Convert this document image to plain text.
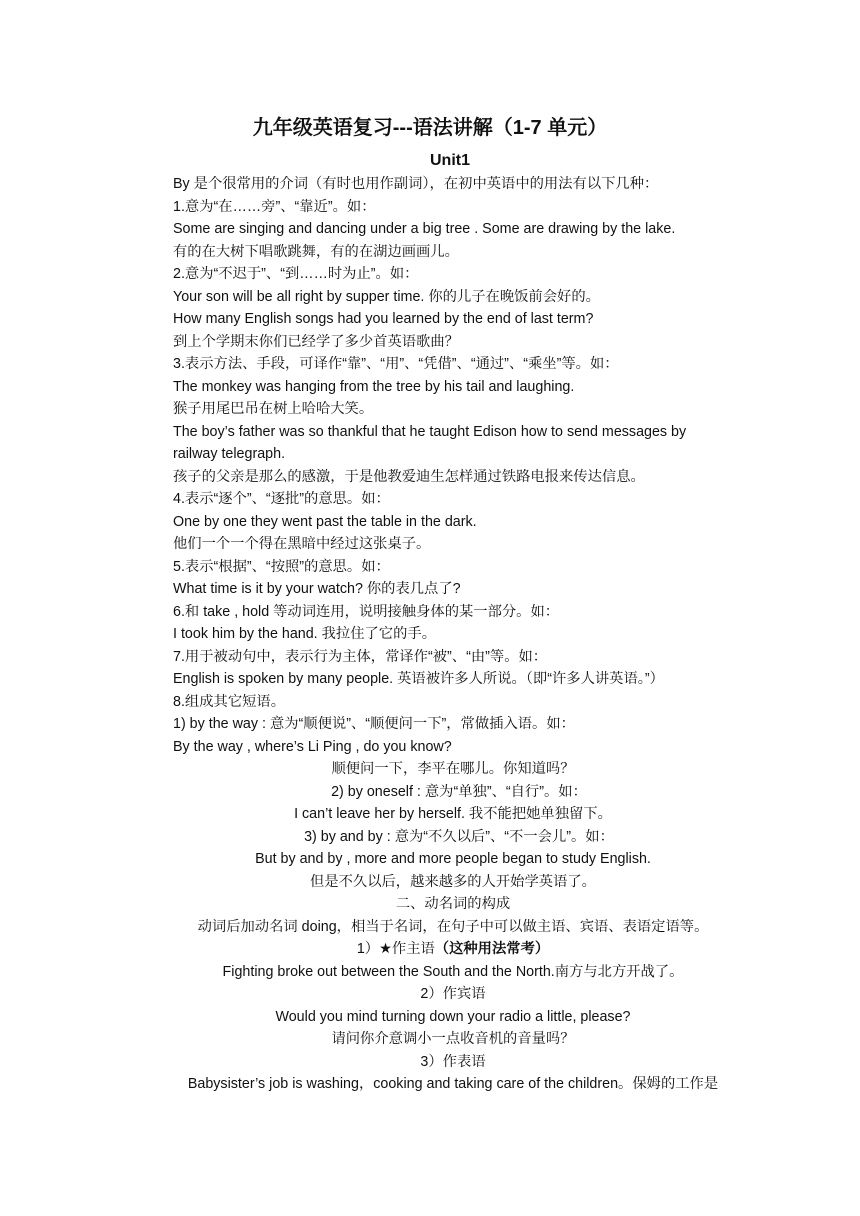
九年级英语复习---语法讲解（1-7 单元）
Unit1
By 是个很常用的介词（有时也用作副词），在初中英语中的用法有以下几种：
1.意为“在……旁”、“靠近”。如：
Some are singing and dancing under a big tree . Some are drawing by the lake.
有的在大树下唱歌跳舞，有的在湖边画画儿。
2.意为“不迟于”、“到……时为止”。如：
Your son will be all right by supper time. 你的儿子在晚饭前会好的。
How many English songs had you learned by the end of last term?
到上个学期末你们已经学了多少首英语歌曲？
3.表示方法、手段，可译作“靠”、“用”、“凭借”、“通过”、“乘坐”等。如：
The monkey was hanging from the tree by his tail and laughing.
猴子用尾巴吊在树上哈哈大笑。
The boy’s father was so thankful that he taught Edison how to send messages by railway telegraph.
孩子的父亲是那么的感激，于是他教爱迪生怎样通过铁路电报来传达信息。
4.表示“逐个”、“逐批”的意思。如：
One by one they went past the table in the dark.
他们一个一个得在黑暗中经过这张桌子。
5.表示“根据”、“按照”的意思。如：
What time is it by your watch? 你的表几点了?
6.和 take , hold 等动词连用，说明接触身体的某一部分。如：
I took him by the hand. 我拉住了它的手。
7.用于被动句中，表示行为主体，常译作“被”、“由”等。如：
English is spoken by many people. 英语被许多人所说。（即“许多人讲英语。”）
8.组成其它短语。
1) by the way : 意为“顺便说”、“顺便问一下”，常做插入语。如：
By the way , where’s Li Ping , do you know?
顺便问一下，李平在哪儿。你知道吗？
2) by oneself : 意为“单独”、“自行”。如：
I can’t leave her by herself. 我不能把她单独留下。
3) by and by : 意为“不久以后”、“不一会儿”。如：
But by and by , more and more people began to study English.
但是不久以后，越来越多的人开始学英语了。
二、动名词的构成
动词后加动名词 doing，相当于名词，在句子中可以做主语、宾语、表语定语等。
1）★作主语（这种用法常考）
Fighting broke out between the South and the North.南方与北方开战了。
2）作宾语
Would you mind turning down your radio a little, please?
请问你介意调小一点收音机的音量吗？
3）作表语
Babysister’s job is washing，cooking and taking care of the children。保姆的工作是
